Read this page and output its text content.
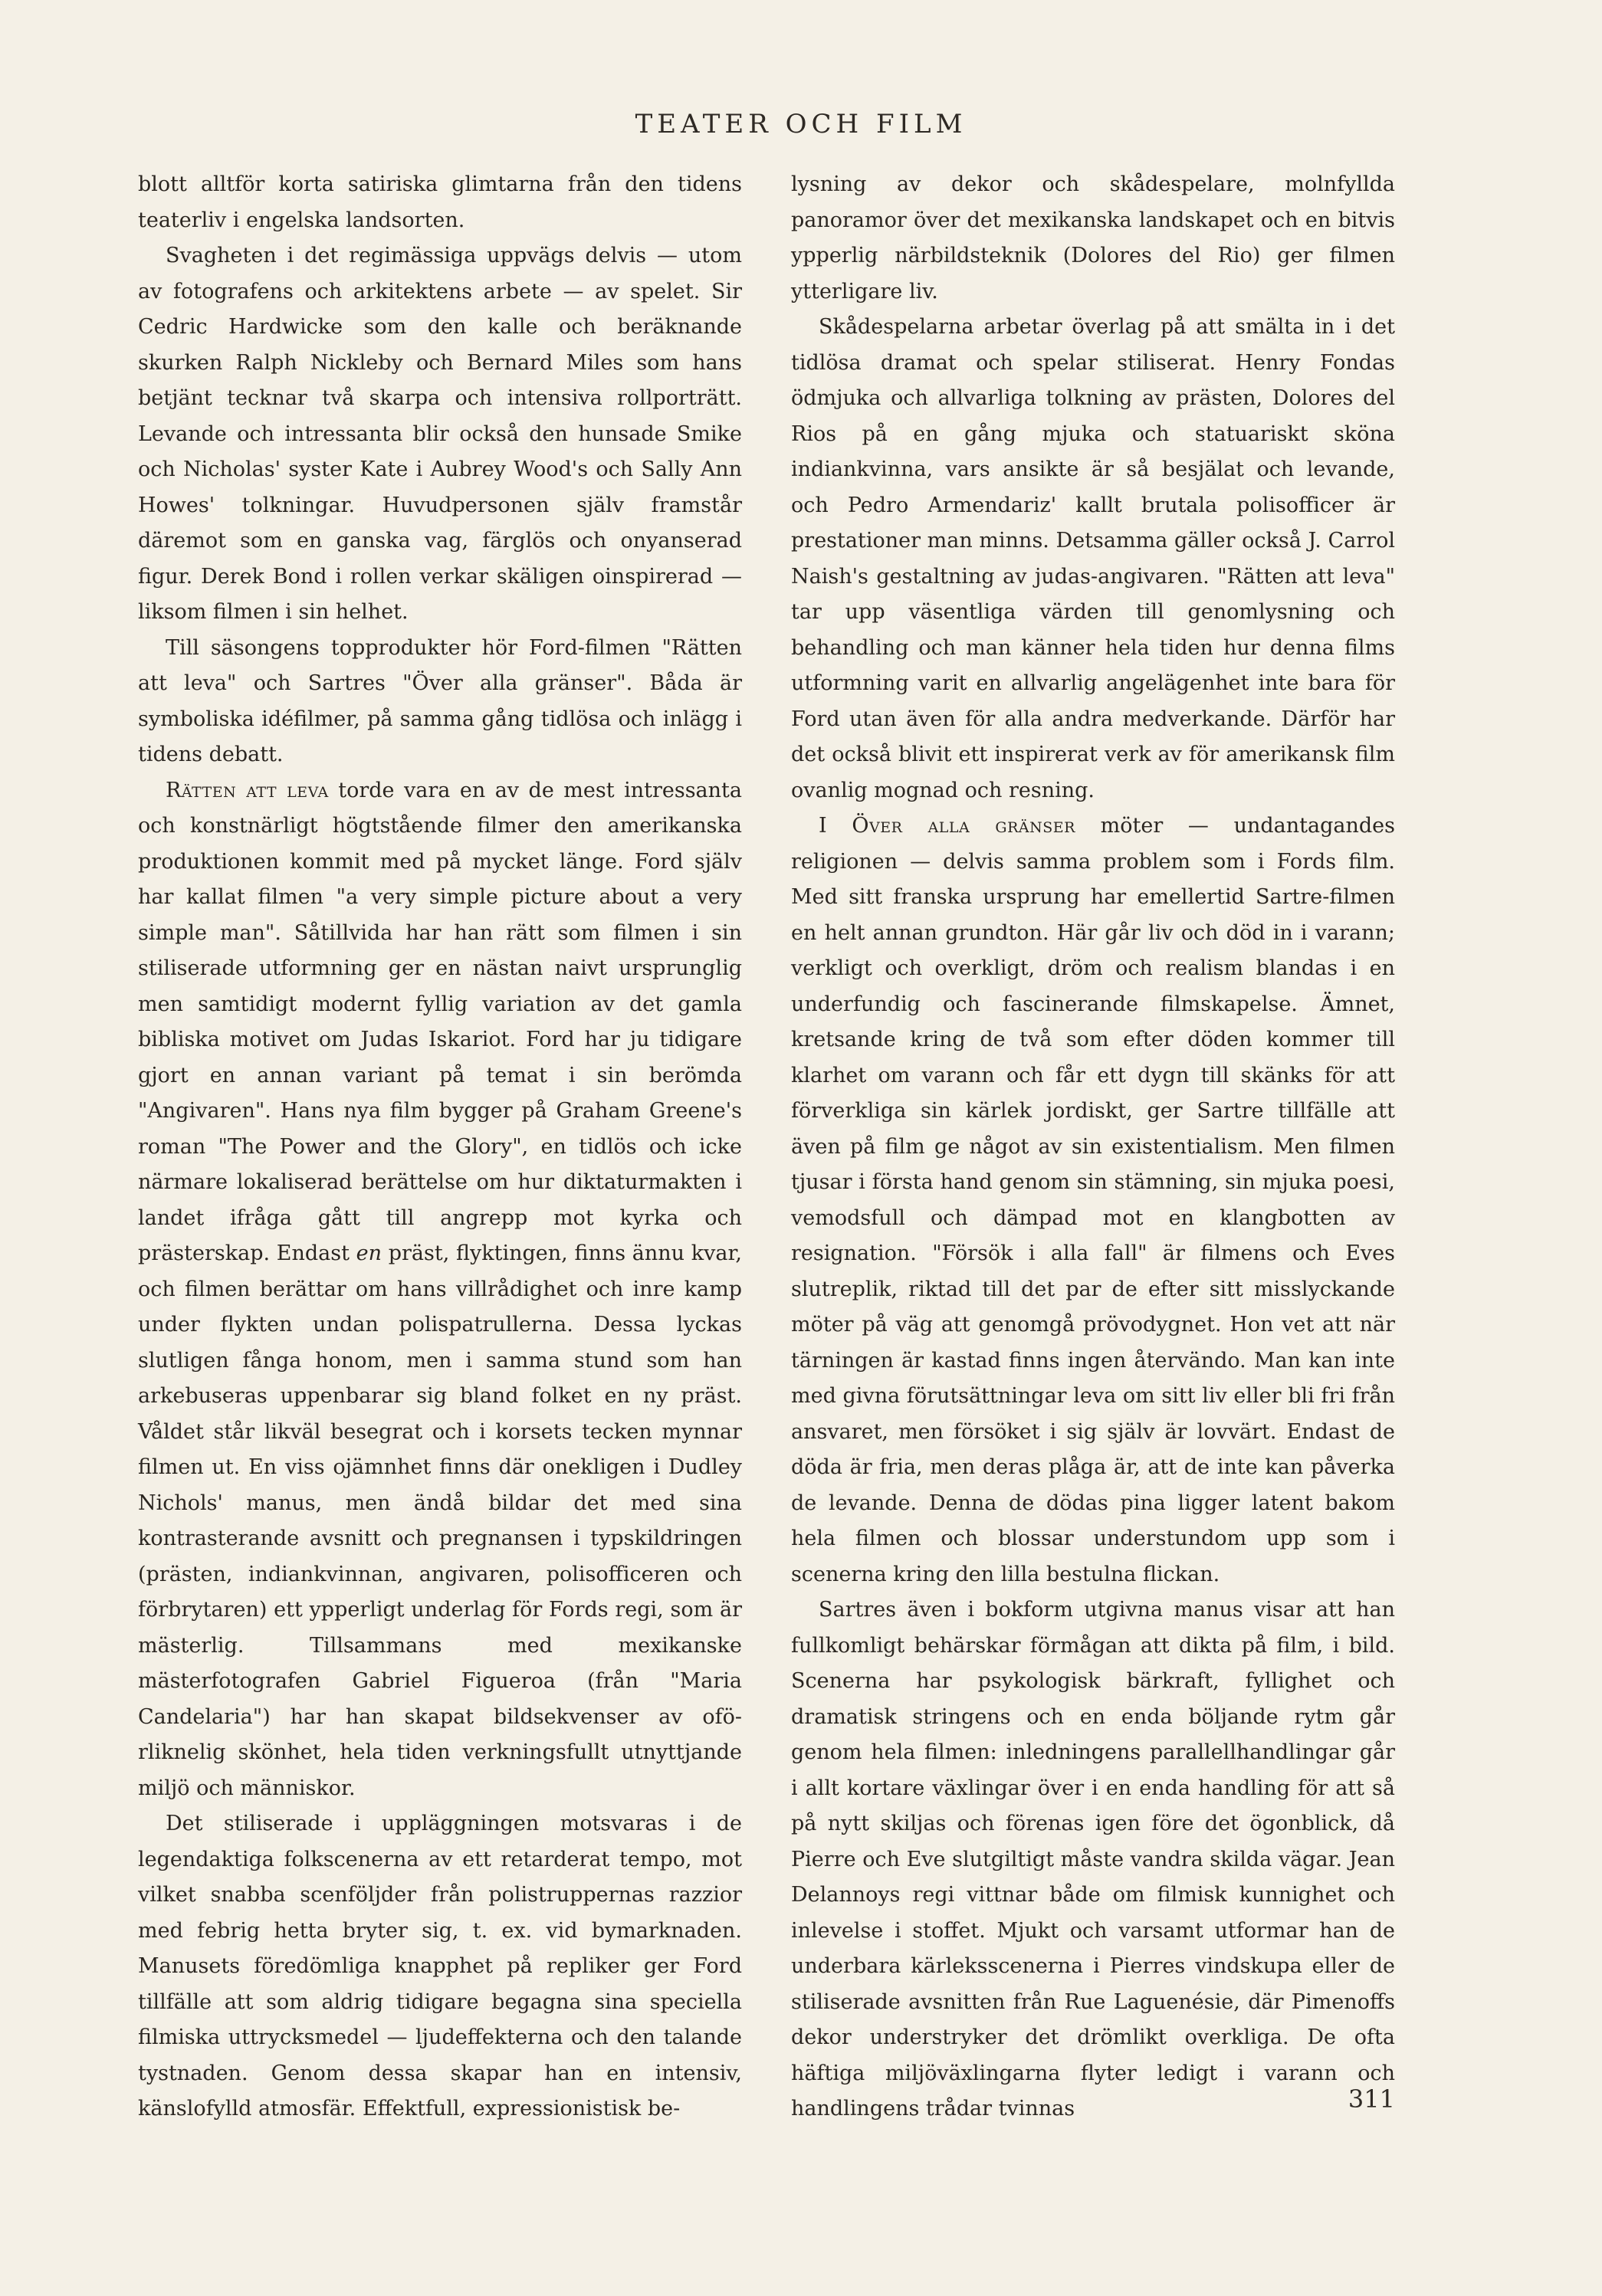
TEATER OCH FILM

blott alltför korta satiriska glimtarna från den tidens teaterliv i engelska landsorten.

Svagheten i det regimässiga uppvägs delvis — utom av fotografens och arkitektens arbete — av spelet. Sir Cedric Hardwicke som den kalle och beräknande skurken Ralph Nickleby och Bernard Miles som hans betjänt tecknar två skarpa och intensiva rollporträtt. Levande och intressanta blir också den hunsade Smike och Nicholas' syster Kate i Aubrey Wood's och Sally Ann Howes' tolkningar. Huvudpersonen själv framstår däremot som en ganska vag, färglös och onyanserad figur. Derek Bond i rollen verkar skäligen oinspirerad — liksom filmen i sin helhet.

Till säsongens topprodukter hör Ford-filmen "Rätten att leva" och Sartres "Över alla gränser". Båda är symboliska idéfilmer, på samma gång tidlösa och inlägg i tidens debatt.

Rätten att leva torde vara en av de mest intressanta och konstnärligt högtstående filmer den amerikanska produktionen kommit med på mycket länge. Ford själv har kallat filmen "a very simple picture about a very simple man". Såtillvida har han rätt som filmen i sin stiliserade utformning ger en nästan naivt ursprunglig men samtidigt modernt fyllig variation av det gamla bibliska motivet om Judas Iskariot. Ford har ju tidigare gjort en annan variant på temat i sin berömda "Angivaren". Hans nya film bygger på Graham Greene's roman "The Power and the Glory", en tidlös och icke närmare lokaliserad berättelse om hur diktaturmakten i landet ifråga gått till angrepp mot kyrka och prästerskap. Endast en präst, flyktingen, finns ännu kvar, och filmen berättar om hans villrådighet och inre kamp under flykten undan polispatrullerna. Dessa lyckas slutligen fånga honom, men i samma stund som han arkebuseras uppenbarar sig bland folket en ny präst. Våldet står likväl besegrat och i korsets tecken mynnar filmen ut. En viss ojämnhet finns där onekligen i Dudley Nichols' manus, men ändå bildar det med sina kontrasterande avsnitt och pregnansen i typskildringen (prästen, indiankvinnan, angivaren, polisofficeren och förbrytaren) ett ypperligt underlag för Fords regi, som är mästerlig. Tillsammans med mexikanske mästerfotografen Gabriel Figueroa (från "Maria Candelaria") har han skapat bildsekvenser av oförliknelig skönhet, hela tiden verkningsfullt utnyttjande miljö och människor.

Det stiliserade i uppläggningen motsvaras i de legendaktiga folkscenerna av ett retarderat tempo, mot vilket snabba scenföljder från polistruppernas razzior med febrig hetta bryter sig, t. ex. vid bymarknaden. Manusets föredömliga knapphet på repliker ger Ford tillfälle att som aldrig tidigare begagna sina speciella filmiska uttrycksmedel — ljudeffekterna och den talande tystnaden. Genom dessa skapar han en intensiv, känslofylld atmosfär. Effektfull, expressionistisk be-

lysning av dekor och skådespelare, molnfyllda panoramor över det mexikanska landskapet och en bitvis ypperlig närbildsteknik (Dolores del Rio) ger filmen ytterligare liv.

Skådespelarna arbetar överlag på att smälta in i det tidlösa dramat och spelar stiliserat. Henry Fondas ödmjuka och allvarliga tolkning av prästen, Dolores del Rios på en gång mjuka och statuariskt sköna indiankvinna, vars ansikte är så besjälat och levande, och Pedro Armendariz' kallt brutala polisofficer är prestationer man minns. Detsamma gäller också J. Carrol Naish's gestaltning av judas-angivaren. "Rätten att leva" tar upp väsentliga värden till genomlysning och behandling och man känner hela tiden hur denna films utformning varit en allvarlig angelägenhet inte bara för Ford utan även för alla andra medverkande. Därför har det också blivit ett inspirerat verk av för amerikansk film ovanlig mognad och resning.

I Över alla gränser möter — undantagandes religionen — delvis samma problem som i Fords film. Med sitt franska ursprung har emellertid Sartre-filmen en helt annan grundton. Här går liv och död in i varann; verkligt och overkligt, dröm och realism blandas i en underfundig och fascinerande filmskapelse. Ämnet, kretsande kring de två som efter döden kommer till klarhet om varann och får ett dygn till skänks för att förverkliga sin kärlek jordiskt, ger Sartre tillfälle att även på film ge något av sin existentialism. Men filmen tjusar i första hand genom sin stämning, sin mjuka poesi, vemodsfull och dämpad mot en klangbotten av resignation. "Försök i alla fall" är filmens och Eves slutreplik, riktad till det par de efter sitt misslyckande möter på väg att genomgå prövodygnet. Hon vet att när tärningen är kastad finns ingen återvändo. Man kan inte med givna förutsättningar leva om sitt liv eller bli fri från ansvaret, men försöket i sig själv är lovvärt. Endast de döda är fria, men deras plåga är, att de inte kan påverka de levande. Denna de dödas pina ligger latent bakom hela filmen och blossar understundom upp som i scenerna kring den lilla bestulna flickan.

Sartres även i bokform utgivna manus visar att han fullkomligt behärskar förmågan att dikta på film, i bild. Scenerna har psykologisk bärkraft, fyllighet och dramatisk stringens och en enda böljande rytm går genom hela filmen: inledningens parallellhandlingar går i allt kortare växlingar över i en enda handling för att så på nytt skiljas och förenas igen före det ögonblick, då Pierre och Eve slutgiltigt måste vandra skilda vägar. Jean Delannoys regi vittnar både om filmisk kunnighet och inlevelse i stoffet. Mjukt och varsamt utformar han de underbara kärleksscenerna i Pierres vindskupa eller de stiliserade avsnitten från Rue Laguenésie, där Pimenoffs dekor understryker det drömlikt overkliga. De ofta häftiga miljöväxlingarna flyter ledigt i varann och handlingens trådar tvinnas	311
